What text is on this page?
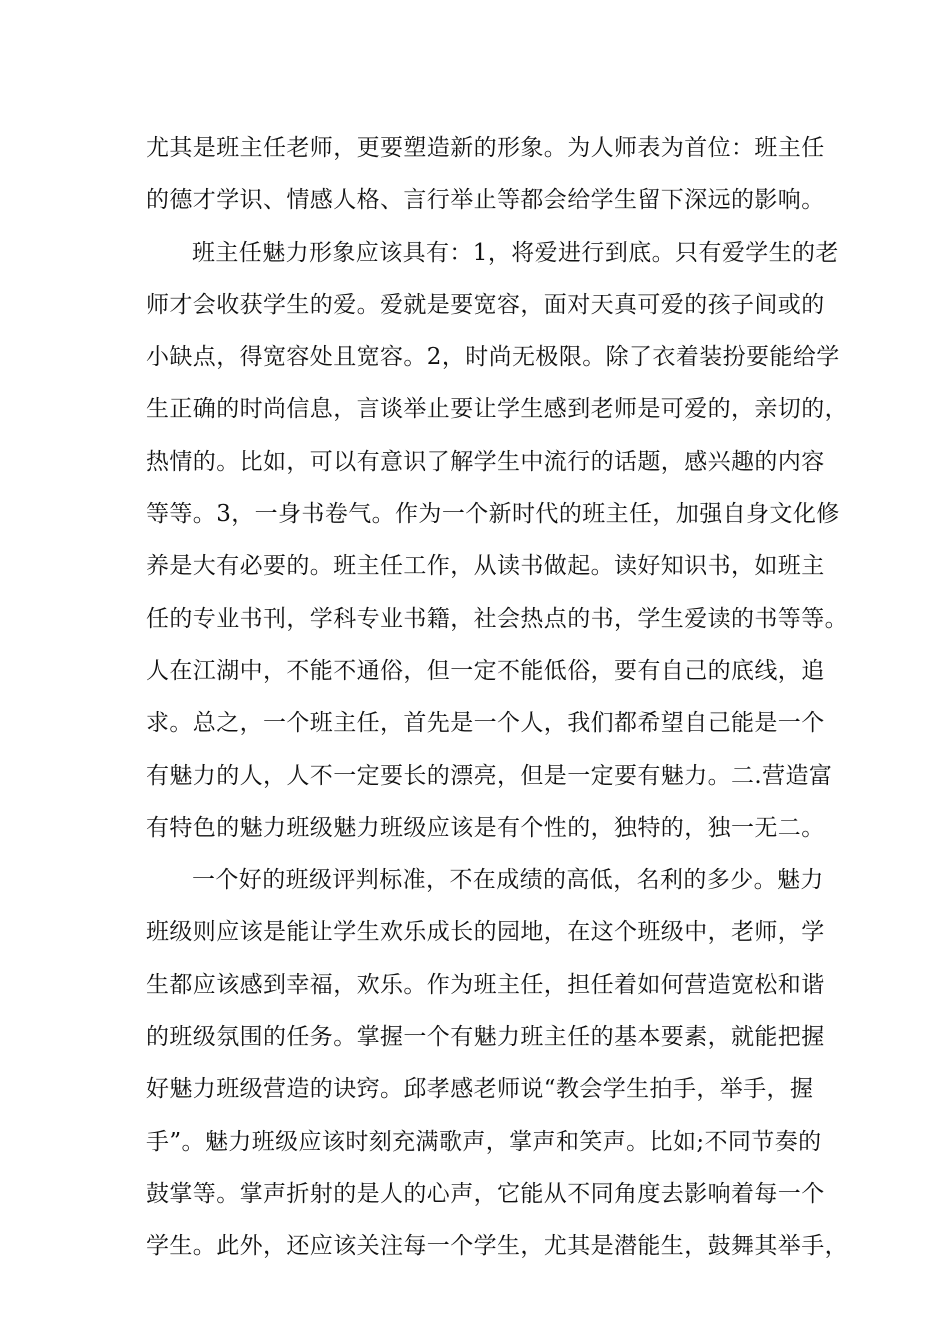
尤其是班主任老师，更要塑造新的形象。为人师表为首位：班主任
的德才学识、情感人格、言行举止等都会给学生留下深远的影响。
班主任魅力形象应该具有：1，将爱进行到底。只有爱学生的老
师才会收获学生的爱。爱就是要宽容，面对天真可爱的孩子间或的
小缺点，得宽容处且宽容。2，时尚无极限。除了衣着装扮要能给学
生正确的时尚信息，言谈举止要让学生感到老师是可爱的，亲切的，
热情的。比如，可以有意识了解学生中流行的话题，感兴趣的内容
等等。3，一身书卷气。作为一个新时代的班主任，加强自身文化修
养是大有必要的。班主任工作，从读书做起。读好知识书，如班主
任的专业书刊，学科专业书籍，社会热点的书，学生爱读的书等等。
人在江湖中，不能不通俗，但一定不能低俗，要有自己的底线，追
求。总之，一个班主任，首先是一个人，我们都希望自己能是一个
有魅力的人，人不一定要长的漂亮，但是一定要有魅力。二.营造富
有特色的魅力班级魅力班级应该是有个性的，独特的，独一无二。
一个好的班级评判标准，不在成绩的高低，名利的多少。魅力
班级则应该是能让学生欢乐成长的园地，在这个班级中，老师，学
生都应该感到幸福，欢乐。作为班主任，担任着如何营造宽松和谐
的班级氛围的任务。掌握一个有魅力班主任的基本要素，就能把握
好魅力班级营造的诀窍。邱孝感老师说“教会学生拍手，举手，握
手”。魅力班级应该时刻充满歌声，掌声和笑声。比如;不同节奏的
鼓掌等。掌声折射的是人的心声，它能从不同角度去影响着每一个
学生。此外，还应该关注每一个学生，尤其是潜能生，鼓舞其举手，
